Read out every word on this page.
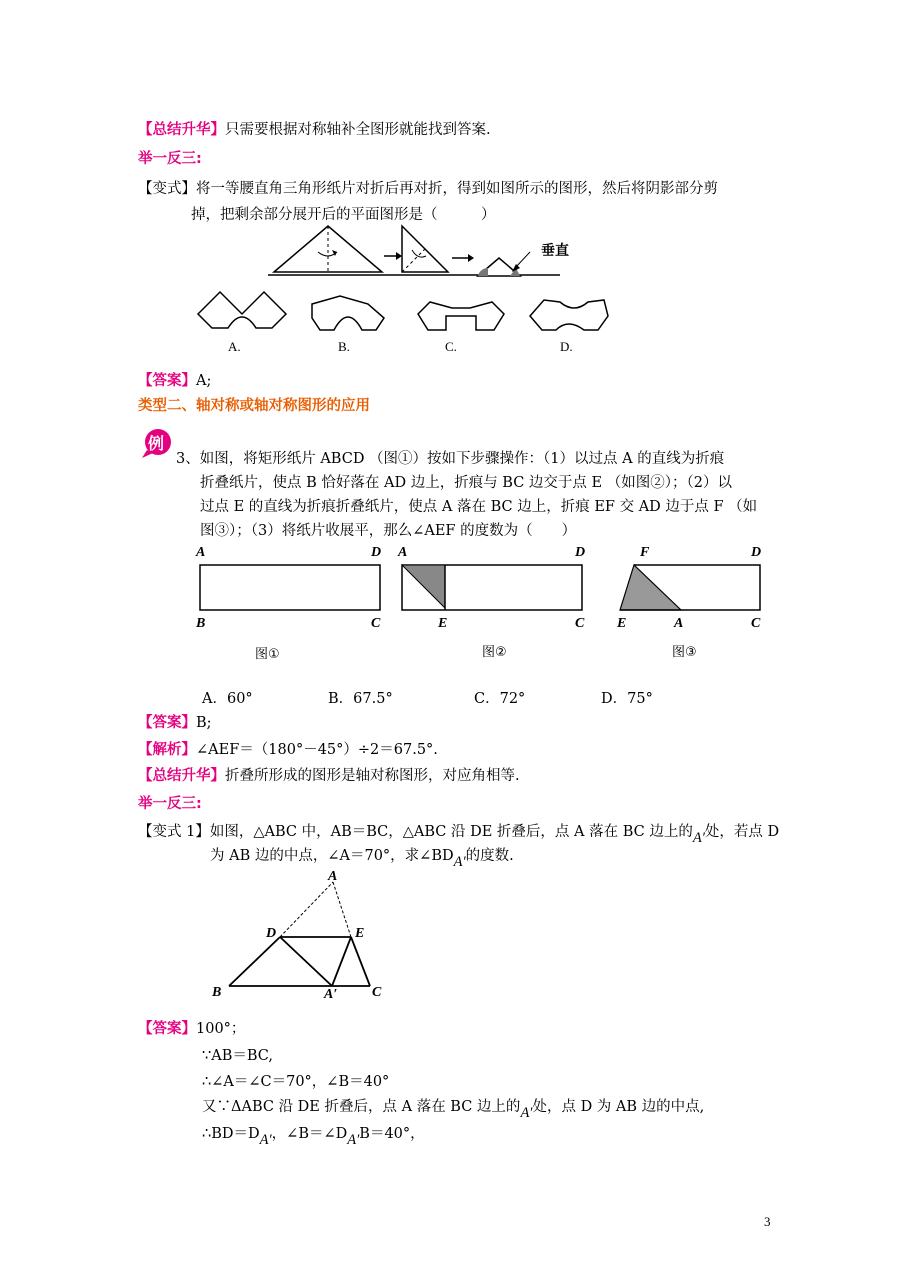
【总结升华】只需要根据对称轴补全图形就能找到答案.
举一反三:
【变式】将一等腰直角三角形纸片对折后再对折，得到如图所示的图形，然后将阴影部分剪
掉，把剩余部分展开后的平面图形是（　　　）
垂直
A.	B.	C.	D.
【答案】A;
类型二、轴对称或轴对称图形的应用
例
3、如图，将矩形纸片 ABCD （图①）按如下步骤操作：（1）以过点 A 的直线为折痕
折叠纸片，使点 B 恰好落在 AD 边上，折痕与 BC 边交于点 E （如图②）；（2）以
过点 E 的直线为折痕折叠纸片，使点 A 落在 BC 边上，折痕 EF 交 AD 边于点 F （如
图③）；（3）将纸片收展平，那么∠AEF 的度数为（　　）
A	D
B	C
图①
A	D
E	C
图②
F	D
E	A	C
图③
A．60°	B．67.5°	C．72°	D．75°
【答案】B;
【解析】∠AEF＝（180°－45°）÷2＝67.5°.
【总结升华】折叠所形成的图形是轴对称图形，对应角相等.
举一反三:
【变式 1】如图，△ABC 中，AB＝BC，△ABC 沿 DE 折叠后，点 A 落在 BC 边上的A′处，若点 D
为 AB 边的中点，∠A＝70°，求∠BDA′的度数.
A
D	E
B	A′ C
【答案】100°；
∵AB＝BC,
∴∠A＝∠C＝70°，∠B＝40°
又∵ΔABC 沿 DE 折叠后，点 A 落在 BC 边上的A′处，点 D 为 AB 边的中点,
∴BD＝DA′，∠B＝∠DA′B＝40°，
3
